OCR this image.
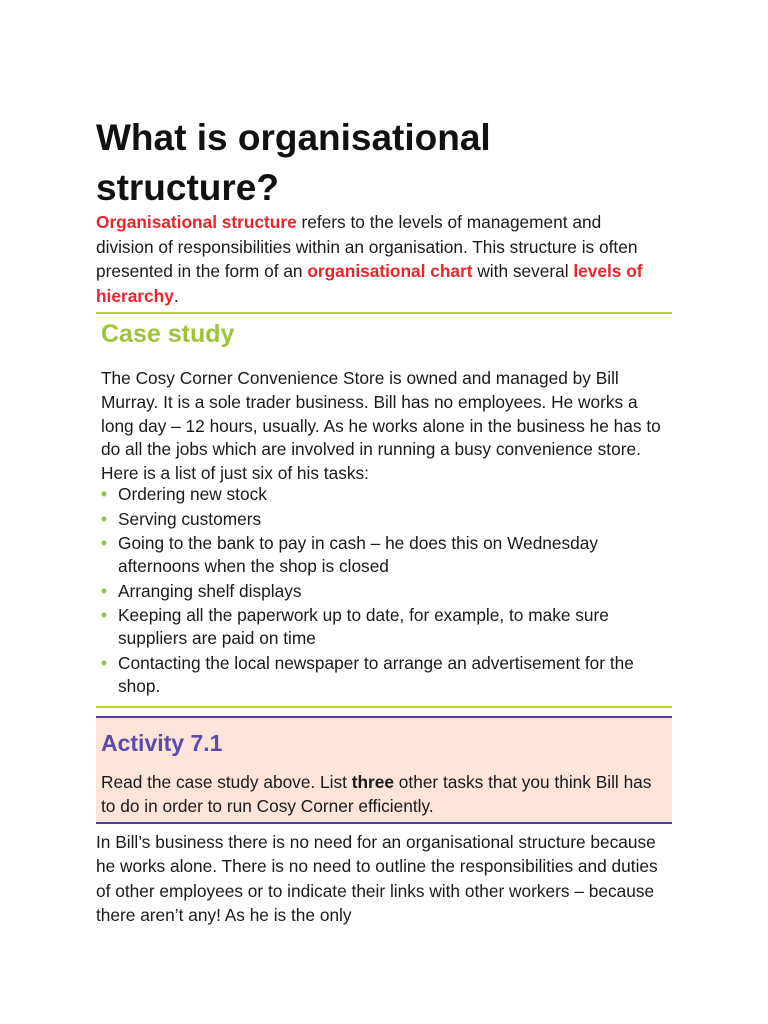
What is organisational
structure?

Organisational structure refers to the levels of management and division of responsibilities within an organisation. This structure is often presented in the form of an organisational chart with several levels of hierarchy.

Case study

The Cosy Corner Convenience Store is owned and managed by Bill Murray. It is a sole trader business. Bill has no employees. He works a long day – 12 hours, usually. As he works alone in the business he has to do all the jobs which are involved in running a busy convenience store. Here is a list of just six of his tasks:

• Ordering new stock
• Serving customers
• Going to the bank to pay in cash – he does this on Wednesday afternoons when the shop is closed
• Arranging shelf displays
• Keeping all the paperwork up to date, for example, to make sure suppliers are paid on time
• Contacting the local newspaper to arrange an advertisement for the shop.
Activity 7.1

Read the case study above. List three other tasks that you think Bill has to do in order to run Cosy Corner efficiently.

In Bill’s business there is no need for an organisational structure because he works alone. There is no need to outline the responsibilities and duties of other employees or to indicate their links with other workers – because there aren’t any! As he is the only
